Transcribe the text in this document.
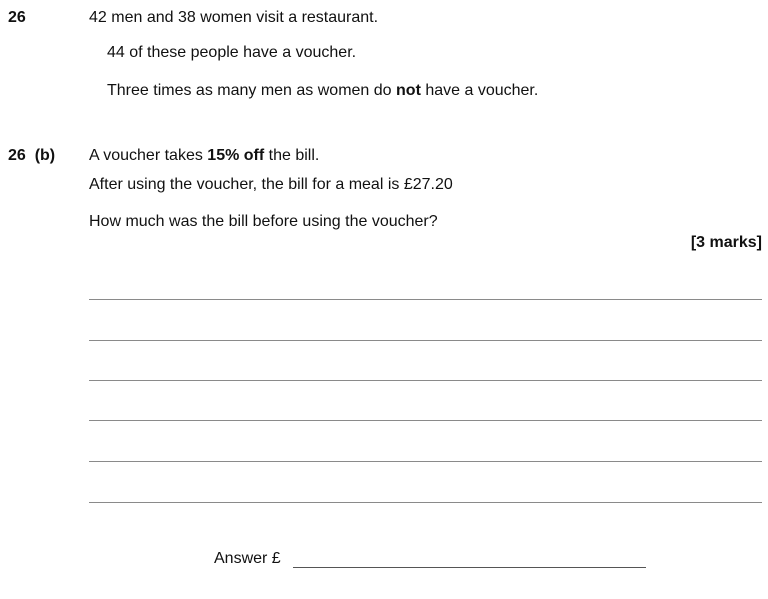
26	42 men and 38 women visit a restaurant.
44 of these people have a voucher.
Three times as many men as women do not have a voucher.
26  (b) A voucher takes 15% off the bill.
After using the voucher, the bill for a meal is £27.20
How much was the bill before using the voucher?
[3 marks]
Answer £
